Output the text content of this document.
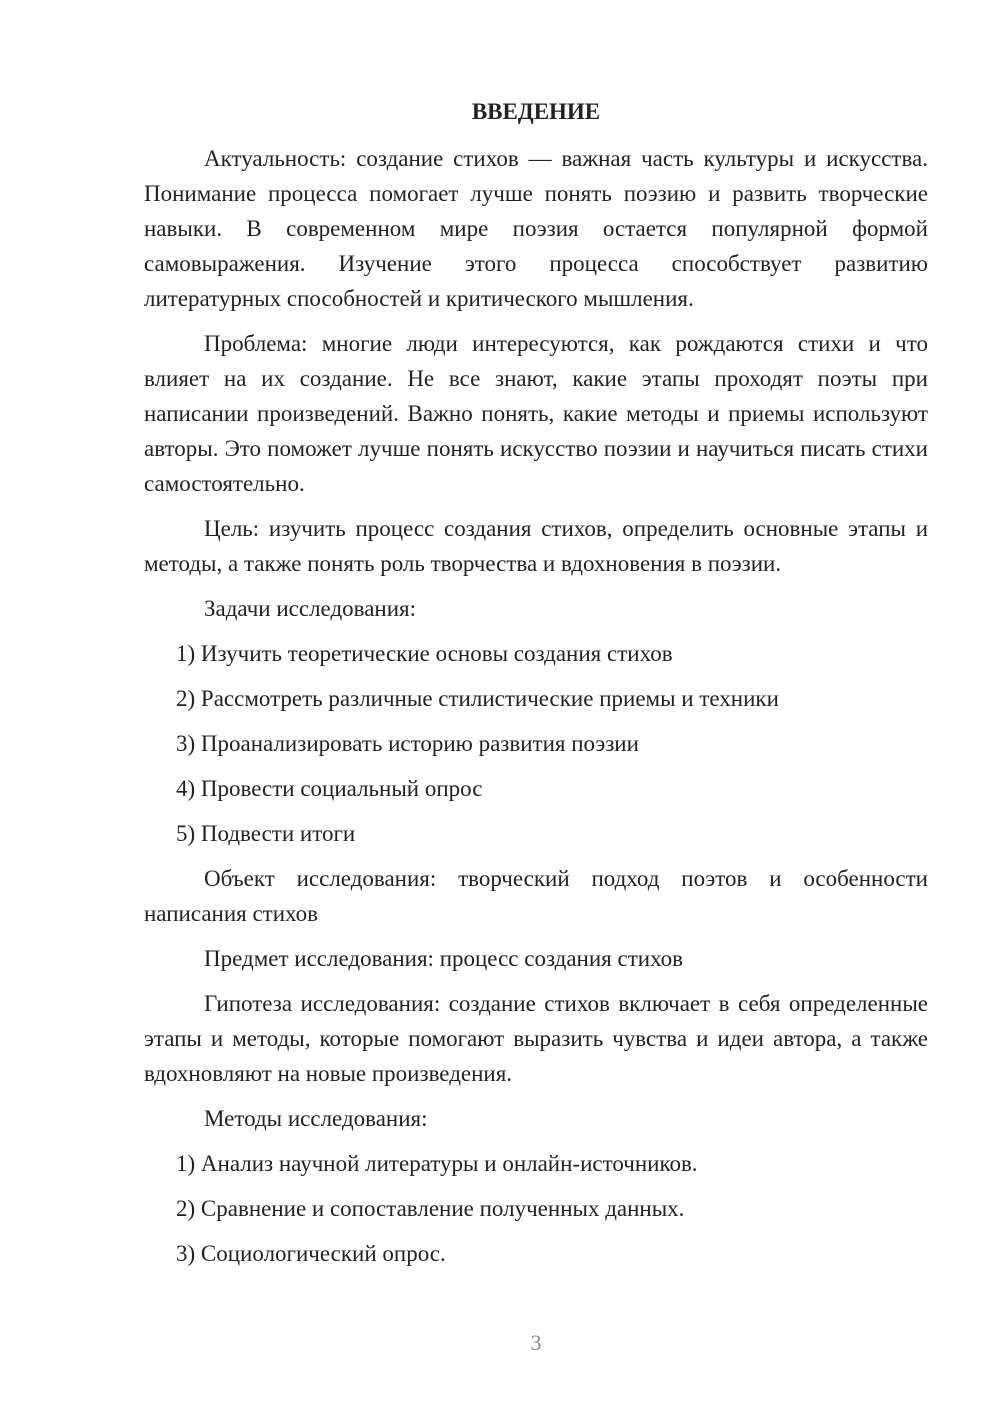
ВВЕДЕНИЕ

Актуальность: создание стихов — важная часть культуры и искусства. Понимание процесса помогает лучше понять поэзию и развить творческие навыки. В современном мире поэзия остается популярной формой самовыражения. Изучение этого процесса способствует развитию литературных способностей и критического мышления.

Проблема: многие люди интересуются, как рождаются стихи и что влияет на их создание. Не все знают, какие этапы проходят поэты при написании произведений. Важно понять, какие методы и приемы используют авторы. Это поможет лучше понять искусство поэзии и научиться писать стихи самостоятельно.

Цель: изучить процесс создания стихов, определить основные этапы и методы, а также понять роль творчества и вдохновения в поэзии.

Задачи исследования:

1) Изучить теоретические основы создания стихов

2) Рассмотреть различные стилистические приемы и техники

3) Проанализировать историю развития поэзии

4) Провести социальный опрос

5) Подвести итоги

Объект исследования: творческий подход поэтов и особенности написания стихов

Предмет исследования: процесс создания стихов

Гипотеза исследования: создание стихов включает в себя определенные этапы и методы, которые помогают выразить чувства и идеи автора, а также вдохновляют на новые произведения.

Методы исследования:

1) Анализ научной литературы и онлайн-источников.

2) Сравнение и сопоставление полученных данных.

3) Социологический опрос.

3
